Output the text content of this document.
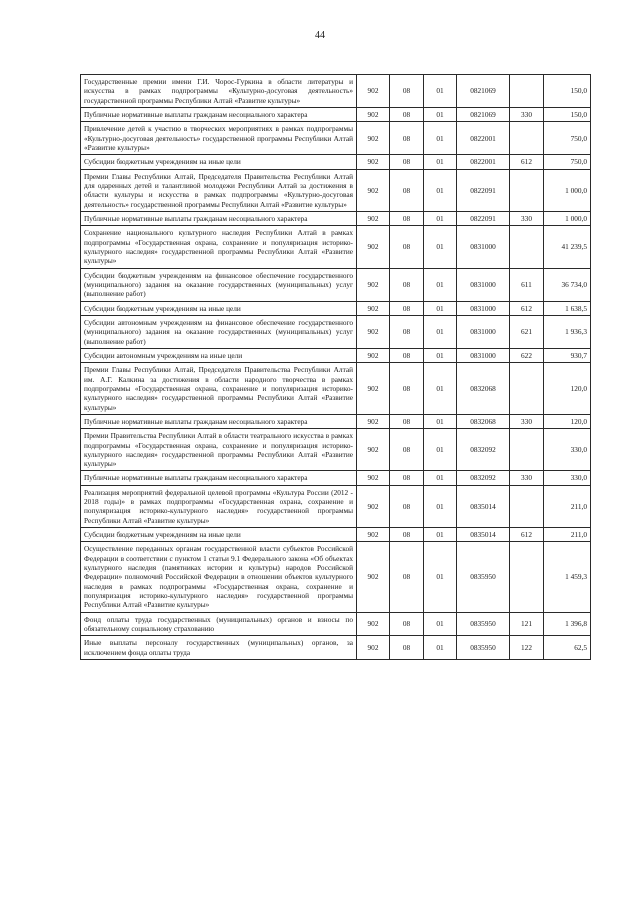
44
Государственные премии имени Г.И. Чорос-Гуркина в области литературы и искусства в рамках подпрограммы «Культурно-досуговая деятельность» государственной программы Республики Алтай «Развитие культуры»	902	08	01	0821069		150,0
Публичные нормативные выплаты гражданам несоциального характера	902	08	01	0821069	330	150,0
Привлечение детей к участию в творческих мероприятиях в рамках подпрограммы «Культурно-досуговая деятельность» государственной программы Республики Алтай «Развитие культуры»	902	08	01	0822001		750,0
Субсидии бюджетным учреждениям на иные цели	902	08	01	0822001	612	750,0
Премии Главы Республики Алтай, Председателя Правительства Республики Алтай для одаренных детей и талантливой молодежи Республики Алтай за достижения в области культуры и искусства в рамках подпрограммы «Культурно-досуговая деятельность» государственной программы Республики Алтай «Развитие культуры»	902	08	01	0822091		1 000,0
Публичные нормативные выплаты гражданам несоциального характера	902	08	01	0822091	330	1 000,0
Сохранение национального культурного наследия Республики Алтай в рамках подпрограммы «Государственная охрана, сохранение и популяризация историко-культурного наследия» государственной программы Республики Алтай «Развитие культуры»	902	08	01	0831000		41 239,5
Субсидии бюджетным учреждениям на финансовое обеспечение государственного (муниципального) задания на оказание государственных (муниципальных) услуг (выполнение работ)	902	08	01	0831000	611	36 734,0
Субсидии бюджетным учреждениям на иные цели	902	08	01	0831000	612	1 638,5
Субсидии автономным учреждениям на финансовое обеспечение государственного (муниципального) задания на оказание государственных (муниципальных) услуг (выполнение работ)	902	08	01	0831000	621	1 936,3
Субсидии автономным учреждениям на иные цели	902	08	01	0831000	622	930,7
Премии Главы Республики Алтай, Председателя Правительства Республики Алтай им. А.Г. Калкина за достижения в области народного творчества в рамках подпрограммы «Государственная охрана, сохранение и популяризация историко-культурного наследия» государственной программы Республики Алтай «Развитие культуры»	902	08	01	0832068		120,0
Публичные нормативные выплаты гражданам несоциального характера	902	08	01	0832068	330	120,0
Премии Правительства Республики Алтай в области театрального искусства в рамках подпрограммы «Государственная охрана, сохранение и популяризация историко-культурного наследия» государственной программы Республики Алтай «Развитие культуры»	902	08	01	0832092		330,0
Публичные нормативные выплаты гражданам несоциального характера	902	08	01	0832092	330	330,0
Реализация мероприятий федеральной целевой программы «Культура России (2012 - 2018 годы)» в рамках подпрограммы «Государственная охрана, сохранение и популяризация историко-культурного наследия» государственной программы Республики Алтай «Развитие культуры»	902	08	01	0835014		211,0
Субсидии бюджетным учреждениям на иные цели	902	08	01	0835014	612	211,0
Осуществление переданных органам государственной власти субъектов Российской Федерации в соответствии с пунктом 1 статьи 9.1 Федерального закона «Об объектах культурного наследия (памятниках истории и культуры) народов Российской Федерации» полномочий Российской Федерации в отношении объектов культурного наследия в рамках подпрограммы «Государственная охрана, сохранение и популяризация историко-культурного наследия» государственной программы Республики Алтай «Развитие культуры»	902	08	01	0835950		1 459,3
Фонд оплаты труда государственных (муниципальных) органов и взносы по обязательному социальному страхованию	902	08	01	0835950	121	1 396,8
Иные выплаты персоналу государственных (муниципальных) органов, за исключением фонда оплаты труда	902	08	01	0835950	122	62,5
